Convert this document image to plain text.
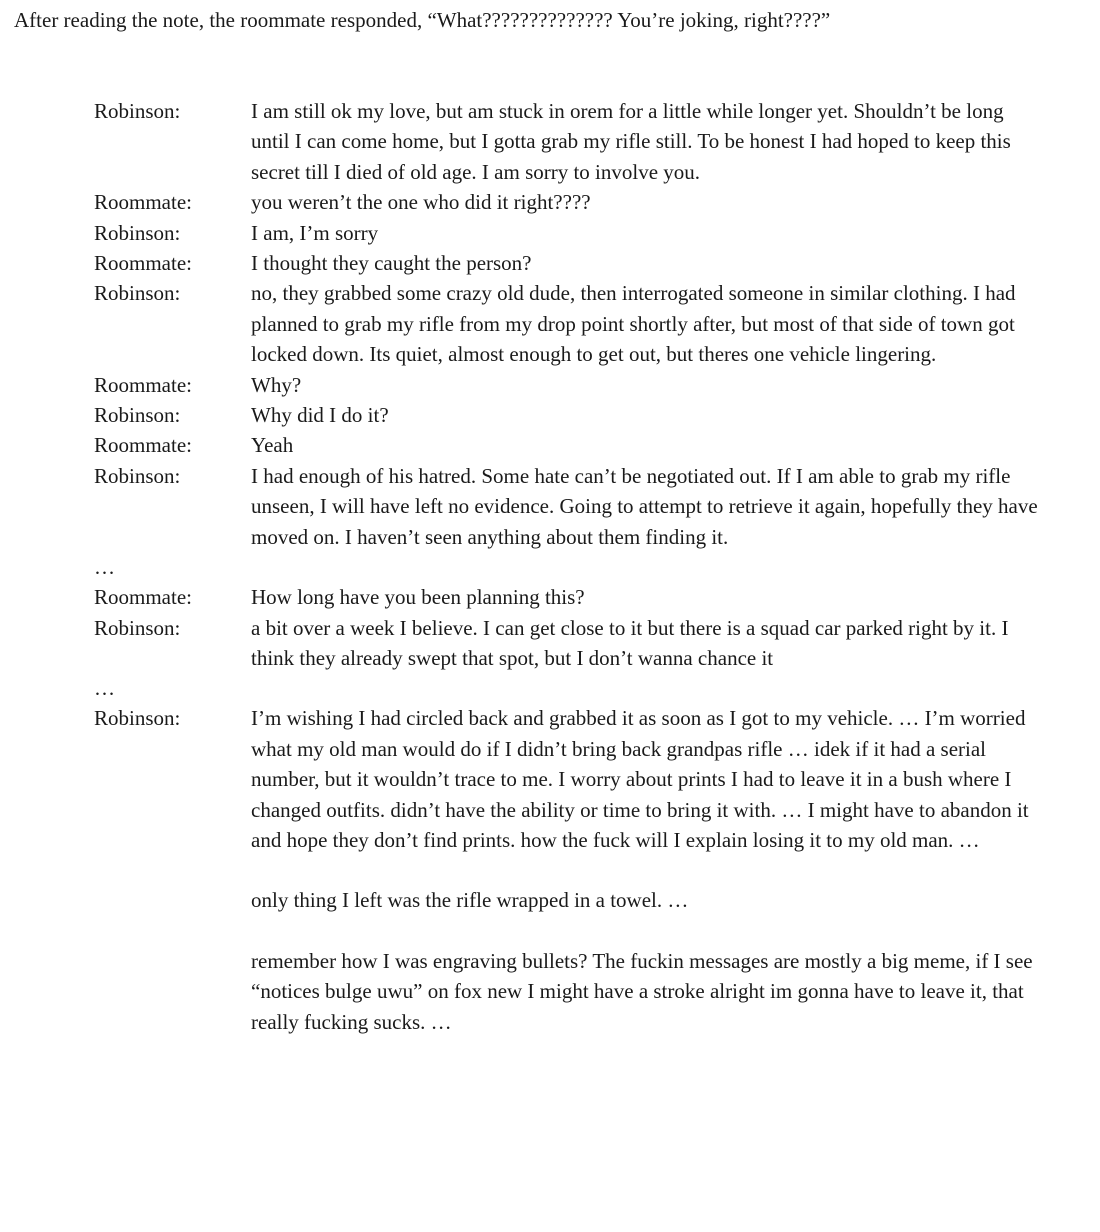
After reading the note, the roommate responded, “What?????????????? You’re joking, right????”

Robinson:	I am still ok my love, but am stuck in orem for a little while longer yet. Shouldn’t be long until I can come home, but I gotta grab my rifle still. To be honest I had hoped to keep this secret till I died of old age. I am sorry to involve you.
Roommate:	you weren’t the one who did it right????
Robinson:	I am, I’m sorry
Roommate:	I thought they caught the person?
Robinson:	no, they grabbed some crazy old dude, then interrogated someone in similar clothing. I had planned to grab my rifle from my drop point shortly after, but most of that side of town got locked down. Its quiet, almost enough to get out, but theres one vehicle lingering.
Roommate:	Why?
Robinson:	Why did I do it?
Roommate:	Yeah
Robinson:	I had enough of his hatred. Some hate can’t be negotiated out. If I am able to grab my rifle unseen, I will have left no evidence. Going to attempt to retrieve it again, hopefully they have moved on. I haven’t seen anything about them finding it.
…
Roommate:	How long have you been planning this?
Robinson:	a bit over a week I believe. I can get close to it but there is a squad car parked right by it. I think they already swept that spot, but I don’t wanna chance it
…
Robinson:	I’m wishing I had circled back and grabbed it as soon as I got to my vehicle. … I’m worried what my old man would do if I didn’t bring back grandpas rifle … idek if it had a serial number, but it wouldn’t trace to me. I worry about prints I had to leave it in a bush where I changed outfits. didn’t have the ability or time to bring it with. … I might have to abandon it and hope they don’t find prints. how the fuck will I explain losing it to my old man. …

only thing I left was the rifle wrapped in a towel. …

remember how I was engraving bullets? The fuckin messages are mostly a big meme, if I see “notices bulge uwu” on fox new I might have a stroke alright im gonna have to leave it, that really fucking sucks. …
